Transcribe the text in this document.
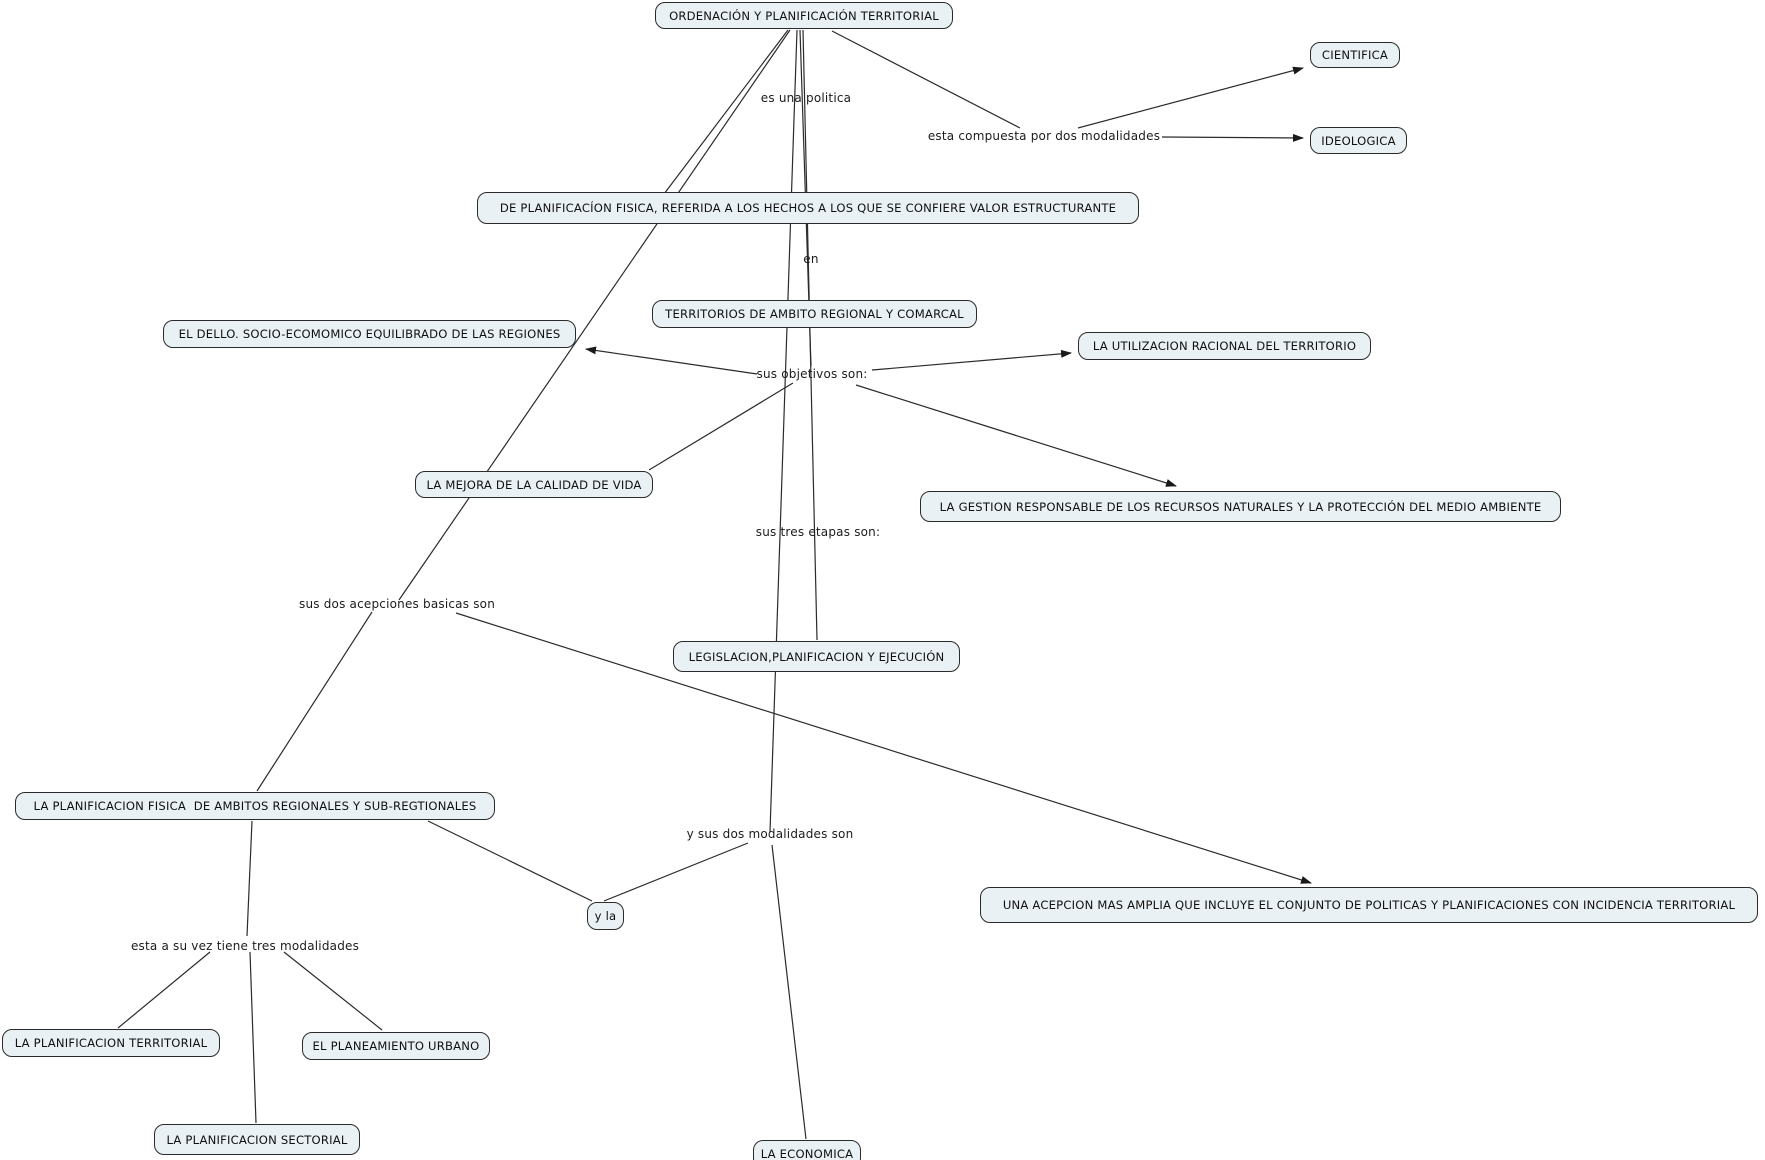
es una politica
esta compuesta por dos modalidades
en
sus objetivos son:
sus tres etapas son:
sus dos acepciones basicas son
y sus dos modalidades son
esta a su vez tiene tres modalidades
ORDENACIÓN Y PLANIFICACIÓN TERRITORIAL
CIENTIFICA
IDEOLOGICA
DE PLANIFICACÍON FISICA, REFERIDA A LOS HECHOS A LOS QUE SE CONFIERE VALOR ESTRUCTURANTE
TERRITORIOS DE AMBITO REGIONAL Y COMARCAL
EL DELLO. SOCIO-ECOMOMICO EQUILIBRADO DE LAS REGIONES
LA UTILIZACION RACIONAL DEL TERRITORIO
LA MEJORA DE LA CALIDAD DE VIDA
LA GESTION RESPONSABLE DE LOS RECURSOS NATURALES Y LA PROTECCIÓN DEL MEDIO AMBIENTE
LEGISLACION,PLANIFICACION Y EJECUCIÓN
LA PLANIFICACION FISICA  DE AMBITOS REGIONALES Y SUB-REGTIONALES
y la
UNA ACEPCION MAS AMPLIA QUE INCLUYE EL CONJUNTO DE POLITICAS Y PLANIFICACIONES CON INCIDENCIA TERRITORIAL
LA PLANIFICACION TERRITORIAL	EL PLANEAMIENTO URBANO
LA PLANIFICACION SECTORIAL
LA ECONOMICA
